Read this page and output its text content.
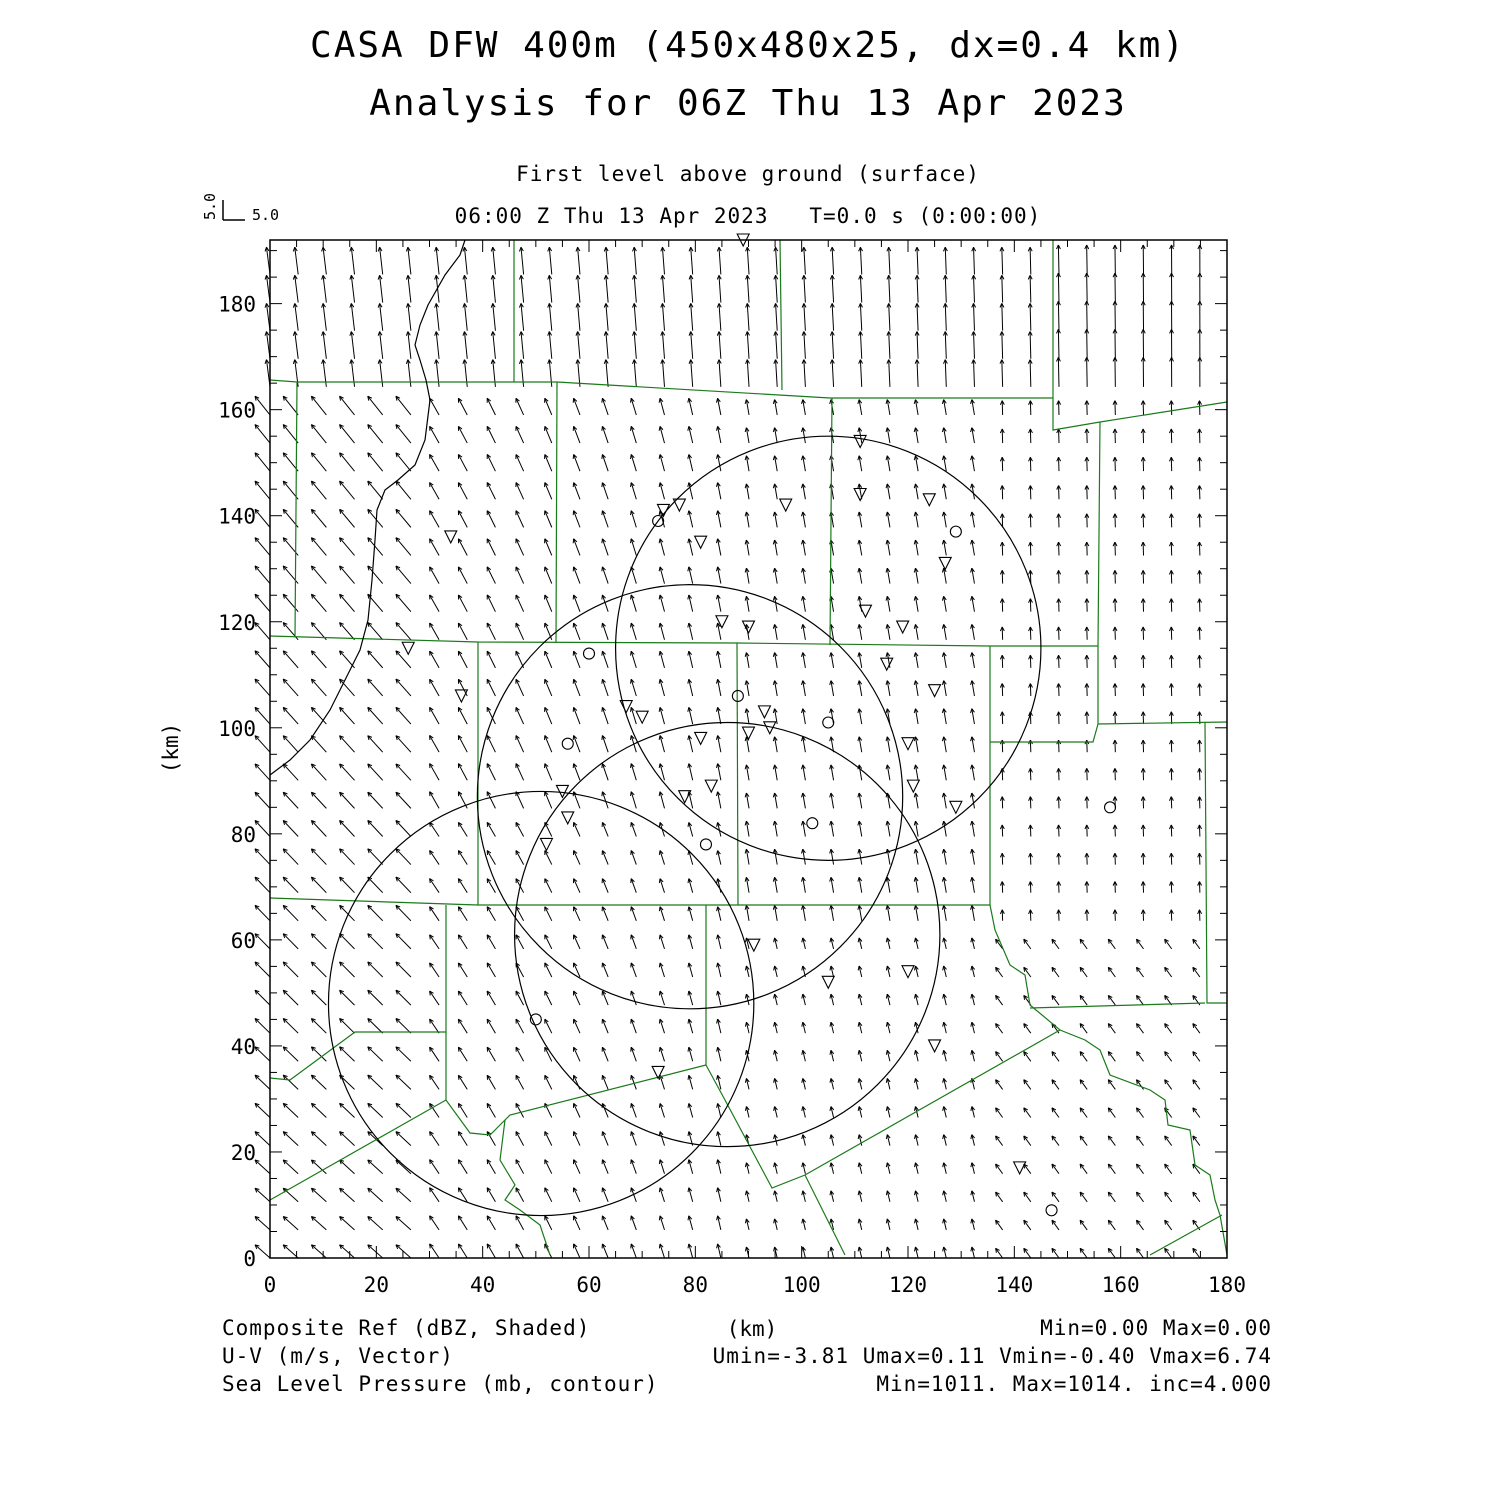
CASA DFW 400m (450x480x25, dx=0.4 km)
Analysis for 06Z Thu 13 Apr 2023
First level above ground (surface)
06:00 Z Thu 13 Apr 2023   T=0.0 s (0:00:00)
5.0 5.0
0	20	40	60	80	100	120	140	160	180
0
20
40
60
80
100
120
140
160
180
(km)
(km)
Composite Ref (dBZ, Shaded)	Min=0.00 Max=0.00
U-V (m/s, Vector)	Umin=-3.81 Umax=0.11 Vmin=-0.40 Vmax=6.74
Sea Level Pressure (mb, contour)	Min=1011. Max=1014. inc=4.000
